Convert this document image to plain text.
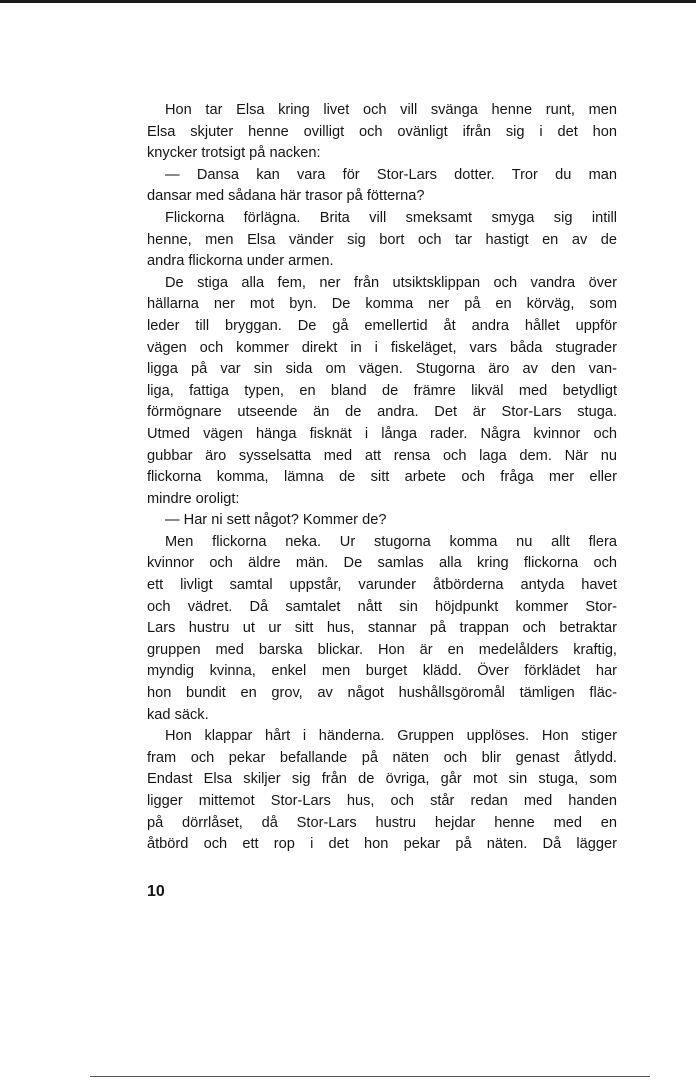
Hon tar Elsa kring livet och vill svänga henne runt, men
Elsa skjuter henne ovilligt och ovänligt ifrån sig i det hon
knycker trotsigt på nacken:
— Dansa kan vara för Stor-Lars dotter. Tror du man
dansar med sådana här trasor på fötterna?
Flickorna förlägna. Brita vill smeksamt smyga sig intill
henne, men Elsa vänder sig bort och tar hastigt en av de
andra flickorna under armen.
De stiga alla fem, ner från utsiktsklippan och vandra över
hällarna ner mot byn. De komma ner på en körväg, som
leder till bryggan. De gå emellertid åt andra hållet uppför
vägen och kommer direkt in i fiskeläget, vars båda stugrader
ligga på var sin sida om vägen. Stugorna äro av den van-
liga, fattiga typen, en bland de främre likväl med betydligt
förmögnare utseende än de andra. Det är Stor-Lars stuga.
Utmed vägen hänga fisknät i långa rader. Några kvinnor och
gubbar äro sysselsatta med att rensa och laga dem. När nu
flickorna komma, lämna de sitt arbete och fråga mer eller
mindre oroligt:
— Har ni sett något? Kommer de?
Men flickorna neka. Ur stugorna komma nu allt flera
kvinnor och äldre män. De samlas alla kring flickorna och
ett livligt samtal uppstår, varunder åtbörderna antyda havet
och vädret. Då samtalet nått sin höjdpunkt kommer Stor-
Lars hustru ut ur sitt hus, stannar på trappan och betraktar
gruppen med barska blickar. Hon är en medelålders kraftig,
myndig kvinna, enkel men burget klädd. Över förklädet har
hon bundit en grov, av något hushållsgöromål tämligen fläc-
kad säck.
Hon klappar hårt i händerna. Gruppen upplöses. Hon stiger
fram och pekar befallande på näten och blir genast åtlydd.
Endast Elsa skiljer sig från de övriga, går mot sin stuga, som
ligger mittemot Stor-Lars hus, och står redan med handen
på dörrlåset, då Stor-Lars hustru hejdar henne med en
åtbörd och ett rop i det hon pekar på näten. Då lägger
10
